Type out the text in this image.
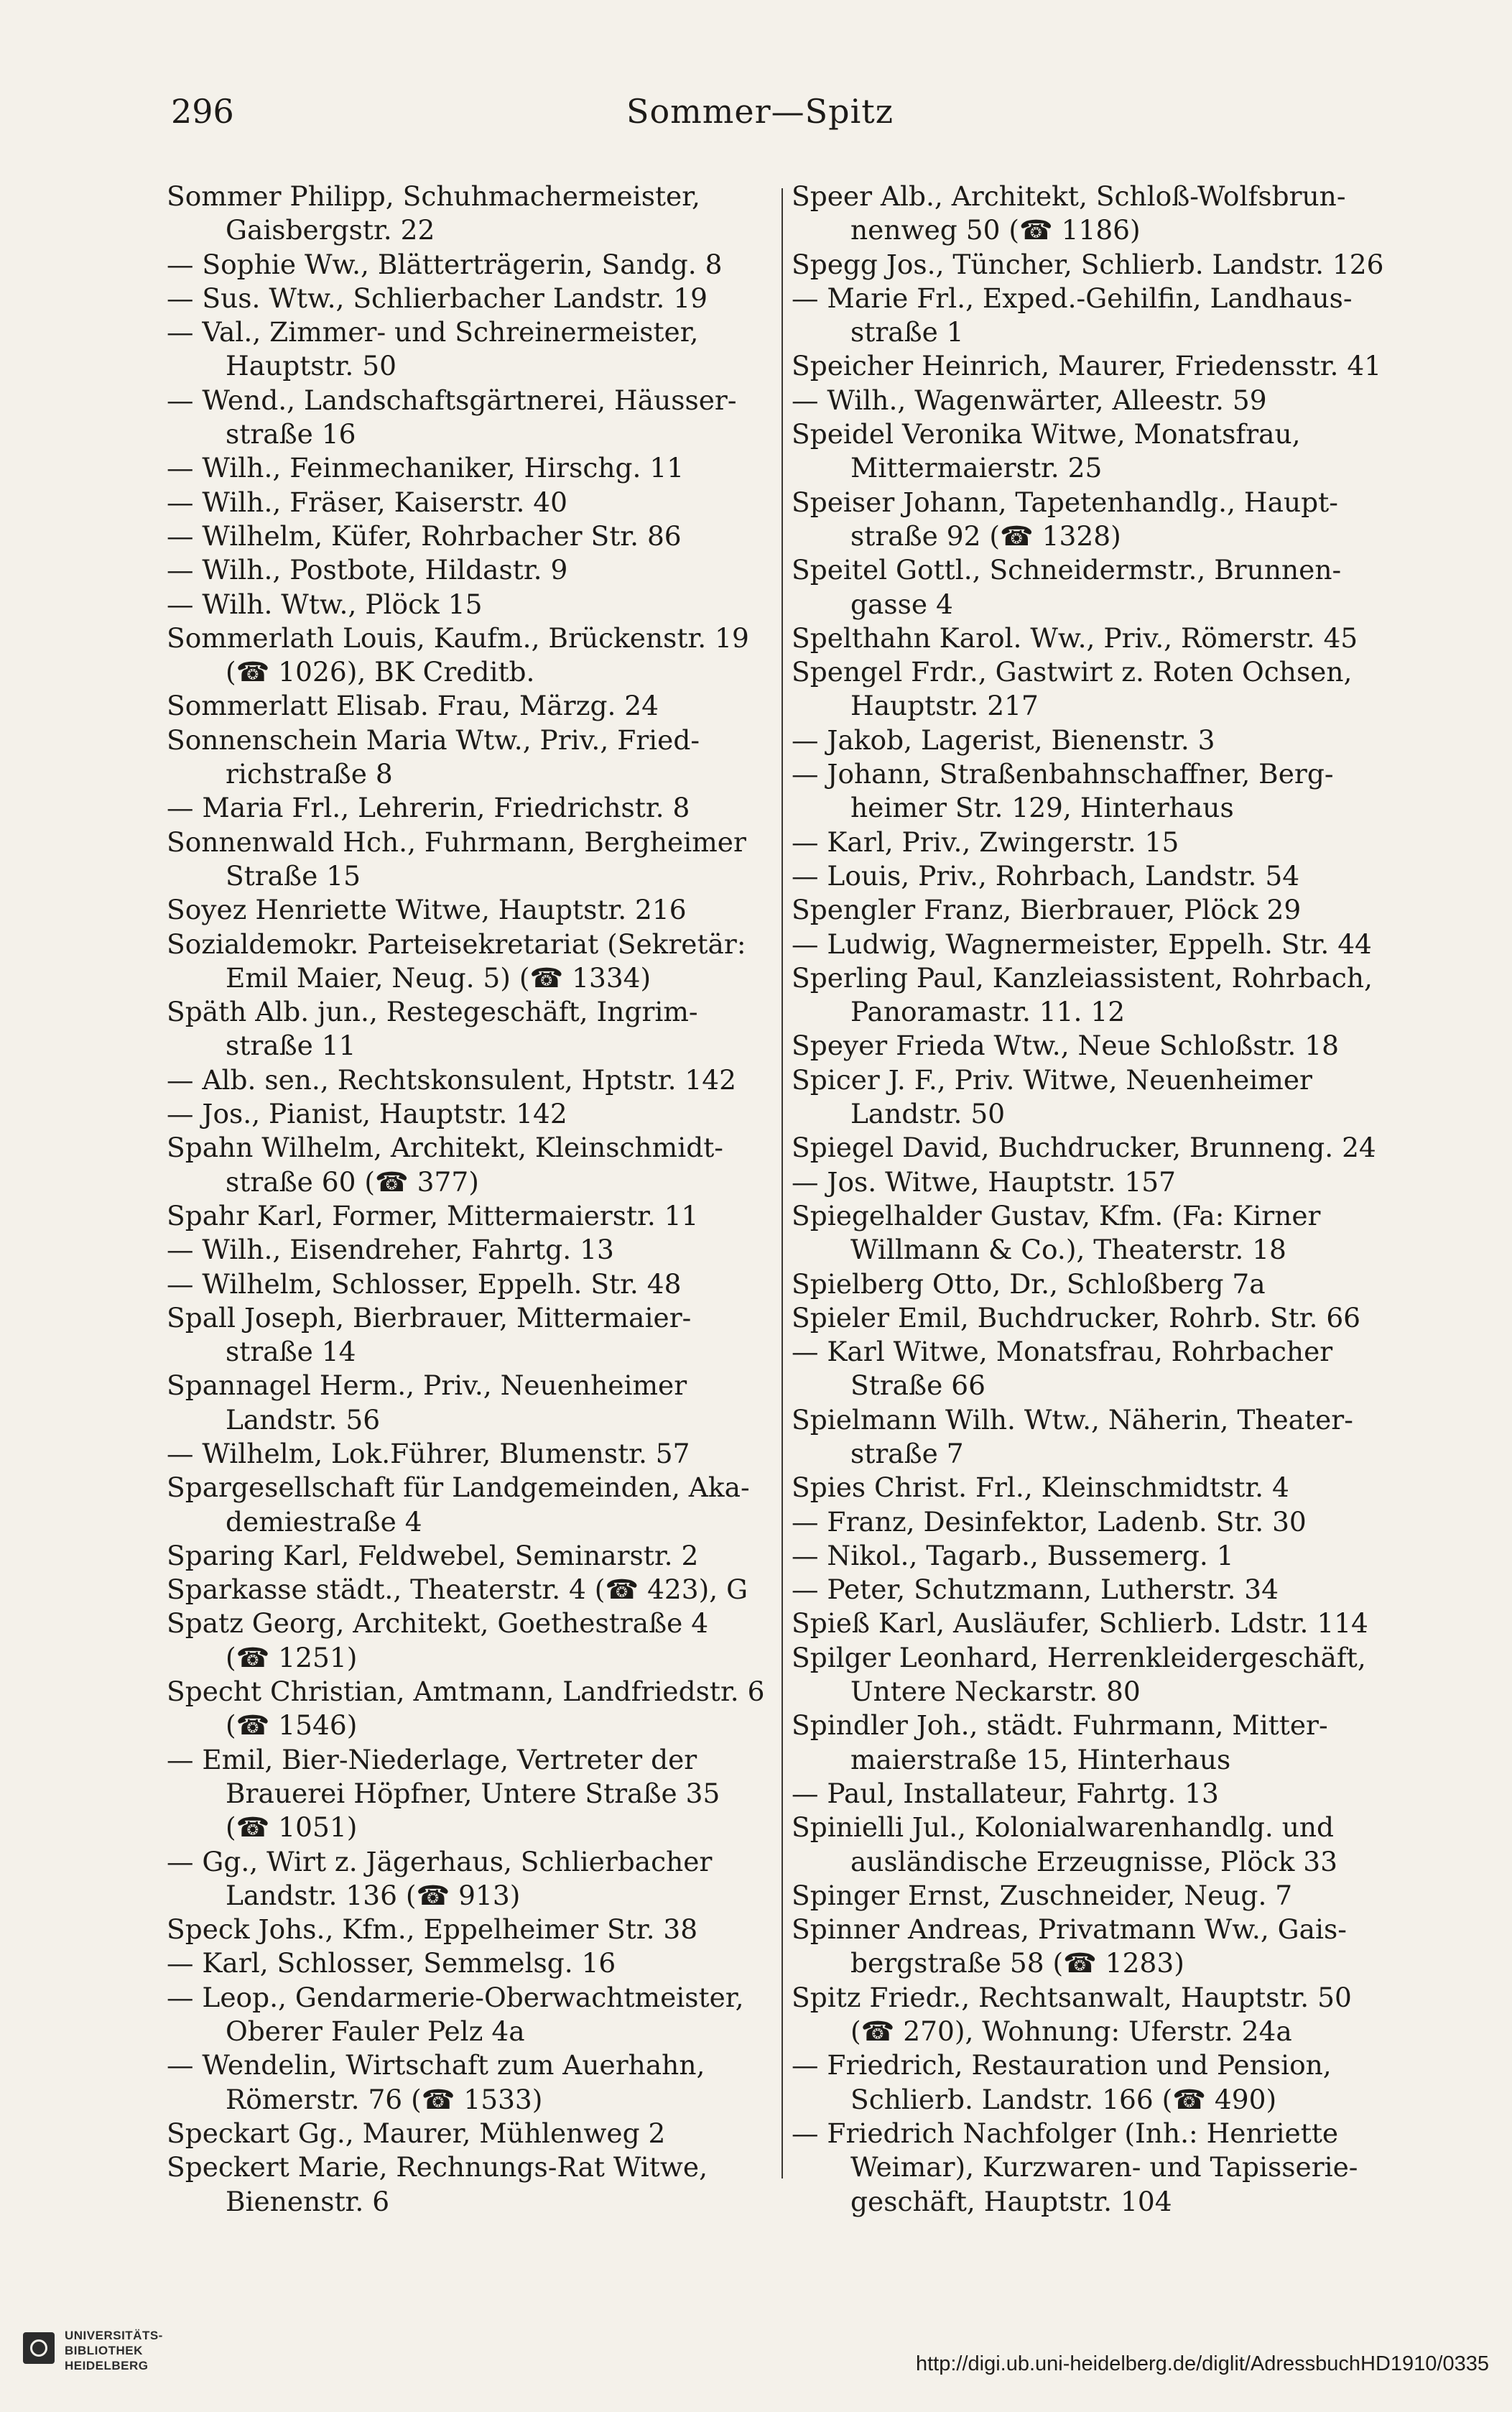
296	Sommer—Spitz
Sommer Philipp, Schuhmachermeister,
Gaisbergstr. 22
— Sophie Ww., Blätterträgerin, Sandg. 8
— Sus. Wtw., Schlierbacher Landstr. 19
— Val., Zimmer- und Schreinermeister,
Hauptstr. 50
— Wend., Landschaftsgärtnerei, Häusser-
straße 16
— Wilh., Feinmechaniker, Hirschg. 11
— Wilh., Fräser, Kaiserstr. 40
— Wilhelm, Küfer, Rohrbacher Str. 86
— Wilh., Postbote, Hildastr. 9
— Wilh. Wtw., Plöck 15
Sommerlath Louis, Kaufm., Brückenstr. 19
(☎ 1026), BK Creditb.
Sommerlatt Elisab. Frau, Märzg. 24
Sonnenschein Maria Wtw., Priv., Fried-
richstraße 8
— Maria Frl., Lehrerin, Friedrichstr. 8
Sonnenwald Hch., Fuhrmann, Bergheimer
Straße 15
Soyez Henriette Witwe, Hauptstr. 216
Sozialdemokr. Parteisekretariat (Sekretär:
Emil Maier, Neug. 5) (☎ 1334)
Späth Alb. jun., Restegeschäft, Ingrim-
straße 11
— Alb. sen., Rechtskonsulent, Hptstr. 142
— Jos., Pianist, Hauptstr. 142
Spahn Wilhelm, Architekt, Kleinschmidt-
straße 60 (☎ 377)
Spahr Karl, Former, Mittermaierstr. 11
— Wilh., Eisendreher, Fahrtg. 13
— Wilhelm, Schlosser, Eppelh. Str. 48
Spall Joseph, Bierbrauer, Mittermaier-
straße 14
Spannagel Herm., Priv., Neuenheimer
Landstr. 56
— Wilhelm, Lok.Führer, Blumenstr. 57
Spargesellschaft für Landgemeinden, Aka-
demiestraße 4
Sparing Karl, Feldwebel, Seminarstr. 2
Sparkasse städt., Theaterstr. 4 (☎ 423), G
Spatz Georg, Architekt, Goethestraße 4
(☎ 1251)
Specht Christian, Amtmann, Landfriedstr. 6
(☎ 1546)
— Emil, Bier-Niederlage, Vertreter der
Brauerei Höpfner, Untere Straße 35
(☎ 1051)
— Gg., Wirt z. Jägerhaus, Schlierbacher
Landstr. 136 (☎ 913)
Speck Johs., Kfm., Eppelheimer Str. 38
— Karl, Schlosser, Semmelsg. 16
— Leop., Gendarmerie-Oberwachtmeister,
Oberer Fauler Pelz 4a
— Wendelin, Wirtschaft zum Auerhahn,
Römerstr. 76 (☎ 1533)
Speckart Gg., Maurer, Mühlenweg 2
Speckert Marie, Rechnungs-Rat Witwe,
Bienenstr. 6
Speer Alb., Architekt, Schloß-Wolfsbrun-
nenweg 50 (☎ 1186)
Spegg Jos., Tüncher, Schlierb. Landstr. 126
— Marie Frl., Exped.-Gehilfin, Landhaus-
straße 1
Speicher Heinrich, Maurer, Friedensstr. 41
— Wilh., Wagenwärter, Alleestr. 59
Speidel Veronika Witwe, Monatsfrau,
Mittermaierstr. 25
Speiser Johann, Tapetenhandlg., Haupt-
straße 92 (☎ 1328)
Speitel Gottl., Schneidermstr., Brunnen-
gasse 4
Spelthahn Karol. Ww., Priv., Römerstr. 45
Spengel Frdr., Gastwirt z. Roten Ochsen,
Hauptstr. 217
— Jakob, Lagerist, Bienenstr. 3
— Johann, Straßenbahnschaffner, Berg-
heimer Str. 129, Hinterhaus
— Karl, Priv., Zwingerstr. 15
— Louis, Priv., Rohrbach, Landstr. 54
Spengler Franz, Bierbrauer, Plöck 29
— Ludwig, Wagnermeister, Eppelh. Str. 44
Sperling Paul, Kanzleiassistent, Rohrbach,
Panoramastr. 11. 12
Speyer Frieda Wtw., Neue Schloßstr. 18
Spicer J. F., Priv. Witwe, Neuenheimer
Landstr. 50
Spiegel David, Buchdrucker, Brunneng. 24
— Jos. Witwe, Hauptstr. 157
Spiegelhalder Gustav, Kfm. (Fa: Kirner
Willmann & Co.), Theaterstr. 18
Spielberg Otto, Dr., Schloßberg 7a
Spieler Emil, Buchdrucker, Rohrb. Str. 66
— Karl Witwe, Monatsfrau, Rohrbacher
Straße 66
Spielmann Wilh. Wtw., Näherin, Theater-
straße 7
Spies Christ. Frl., Kleinschmidtstr. 4
— Franz, Desinfektor, Ladenb. Str. 30
— Nikol., Tagarb., Bussemerg. 1
— Peter, Schutzmann, Lutherstr. 34
Spieß Karl, Ausläufer, Schlierb. Ldstr. 114
Spilger Leonhard, Herrenkleidergeschäft,
Untere Neckarstr. 80
Spindler Joh., städt. Fuhrmann, Mitter-
maierstraße 15, Hinterhaus
— Paul, Installateur, Fahrtg. 13
Spinielli Jul., Kolonialwarenhandlg. und
ausländische Erzeugnisse, Plöck 33
Spinger Ernst, Zuschneider, Neug. 7
Spinner Andreas, Privatmann Ww., Gais-
bergstraße 58 (☎ 1283)
Spitz Friedr., Rechtsanwalt, Hauptstr. 50
(☎ 270), Wohnung: Uferstr. 24a
— Friedrich, Restauration und Pension,
Schlierb. Landstr. 166 (☎ 490)
— Friedrich Nachfolger (Inh.: Henriette
Weimar), Kurzwaren- und Tapisserie-
geschäft, Hauptstr. 104
UNIVERSITÄTS-
BIBLIOTHEK
HEIDELBERG	http://digi.ub.uni-heidelberg.de/diglit/AdressbuchHD1910/0335
